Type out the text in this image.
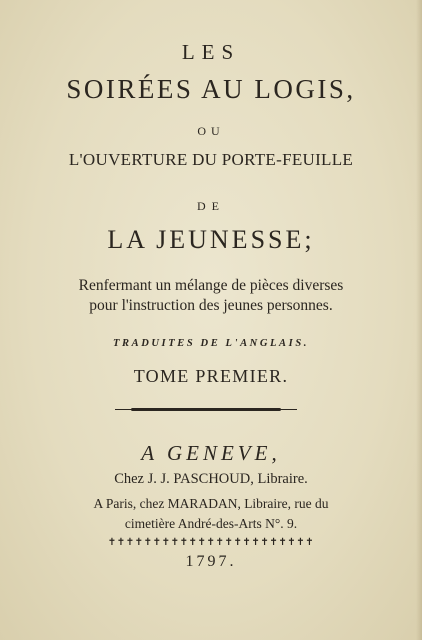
LES
SOIRÉES AU LOGIS,
OU
L'OUVERTURE DU PORTE-FEUILLE
DE
LA JEUNESSE;
Renfermant un mélange de pièces diverses
pour l'instruction des jeunes personnes.
TRADUITES DE L'ANGLAIS.
TOME PREMIER.
A GENEVE,
Chez J. J. PASCHOUD, Libraire.
A Paris, chez MARADAN, Libraire, rue du
cimetière André-des-Arts N°. 9.
✝✝✝✝✝✝✝✝✝✝✝✝✝✝✝✝✝✝✝✝✝✝✝
1797.
